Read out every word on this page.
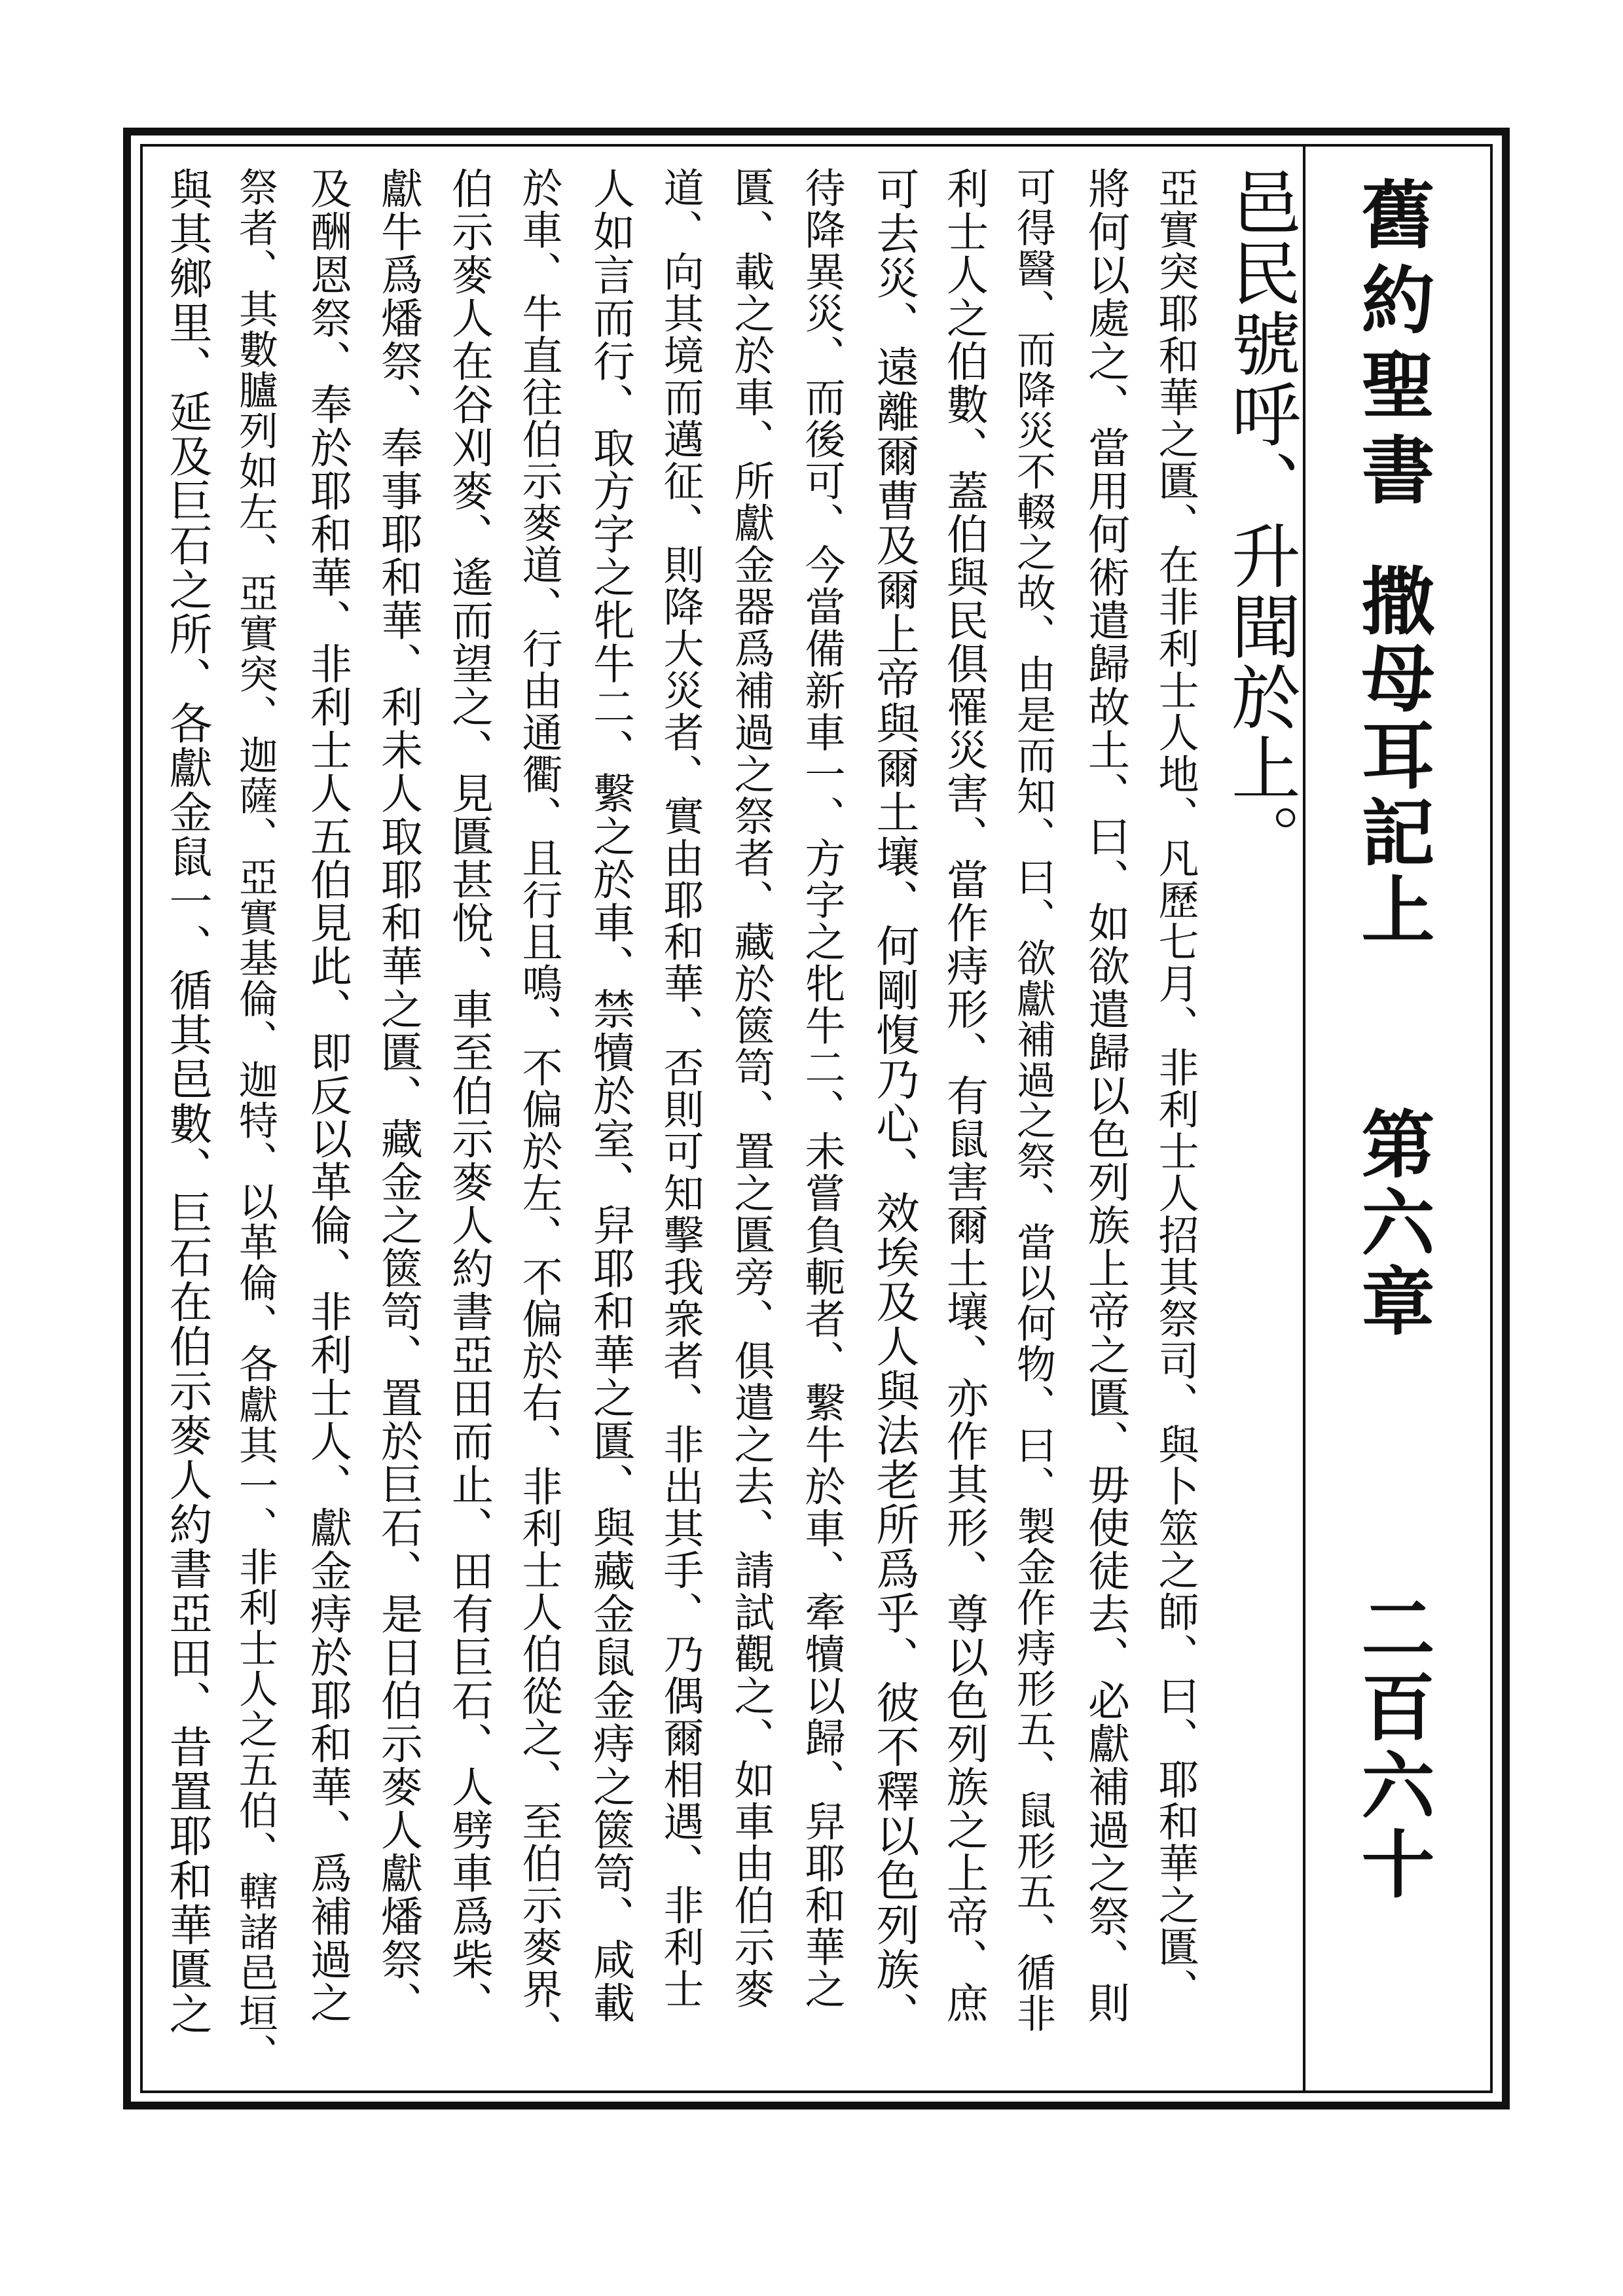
舊約聖書
撒母耳記上
第六章
二百六十
邑民號呼、升聞於上。
亞實突耶和華之匱、在非利士人地、凡歷七月、非利士人招其祭司、與卜筮之師、曰、耶和華之匱、
將何以處之、當用何術遣歸故土、曰、如欲遣歸以色列族上帝之匱、毋使徒去、必獻補過之祭、則
可得醫、而降災不輟之故、由是而知、曰、欲獻補過之祭、當以何物、曰、製金作痔形五、鼠形五、循非
利士人之伯數、蓋伯與民俱罹災害、當作痔形、有鼠害爾土壤、亦作其形、尊以色列族之上帝、庶
可去災、遠離爾曹及爾上帝與爾土壤、何剛愎乃心、效埃及人與法老所爲乎、彼不釋以色列族、
待降異災、而後可、今當備新車一、方字之牝牛二、未嘗負軛者、繫牛於車、牽犢以歸、舁耶和華之
匱、載之於車、所獻金器爲補過之祭者、藏於篋笥、置之匱旁、俱遣之去、請試觀之、如車由伯示麥
道、向其境而邁征、則降大災者、實由耶和華、否則可知擊我衆者、非出其手、乃偶爾相遇、非利士
人如言而行、取方字之牝牛二、繫之於車、禁犢於室、舁耶和華之匱、與藏金鼠金痔之篋笥、咸載
於車、牛直往伯示麥道、行由通衢、且行且鳴、不偏於左、不偏於右、非利士人伯從之、至伯示麥界、
伯示麥人在谷刈麥、遙而望之、見匱甚悅、車至伯示麥人約書亞田而止、田有巨石、人劈車爲柴、
獻牛爲燔祭、奉事耶和華、利未人取耶和華之匱、藏金之篋笥、置於巨石、是日伯示麥人獻燔祭、
及酬恩祭、奉於耶和華、非利士人五伯見此、即反以革倫、非利士人、獻金痔於耶和華、爲補過之
祭者、其數臚列如左、亞實突、迦薩、亞實基倫、迦特、以革倫、各獻其一、非利士人之五伯、轄諸邑垣、
與其鄉里、延及巨石之所、各獻金鼠一、循其邑數、巨石在伯示麥人約書亞田、昔置耶和華匱之
